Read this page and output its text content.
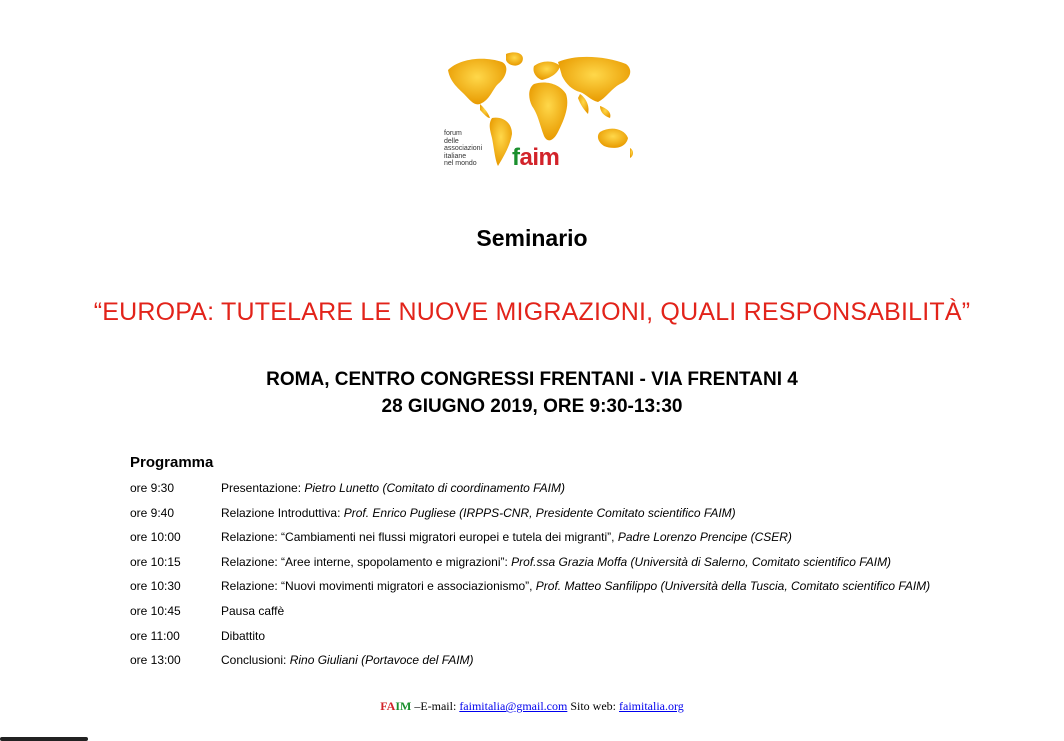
forum
delle
associazioni
italiane
nel mondo faim
Seminario
“EUROPA: TUTELARE LE NUOVE MIGRAZIONI, QUALI RESPONSABILITÀ”
ROMA, CENTRO CONGRESSI FRENTANI - VIA FRENTANI 4
28 GIUGNO 2019, ORE 9:30-13:30
Programma
ore 9:30	Presentazione: Pietro Lunetto (Comitato di coordinamento FAIM)
ore 9:40	Relazione Introduttiva: Prof. Enrico Pugliese (IRPPS-CNR, Presidente Comitato scientifico FAIM)
ore 10:00	Relazione: “Cambiamenti nei flussi migratori europei e tutela dei migranti”, Padre Lorenzo Prencipe (CSER)
ore 10:15	Relazione: “Aree interne, spopolamento e migrazioni”: Prof.ssa Grazia Moffa (Università di Salerno, Comitato scientifico FAIM)
ore 10:30	Relazione: “Nuovi movimenti migratori e associazionismo”, Prof. Matteo Sanfilippo (Università della Tuscia, Comitato scientifico FAIM)
ore 10:45	Pausa caffè
ore 11:00	Dibattito
ore 13:00	Conclusioni: Rino Giuliani (Portavoce del FAIM)
FAIM –E-mail: faimitalia@gmail.com Sito web: faimitalia.org
